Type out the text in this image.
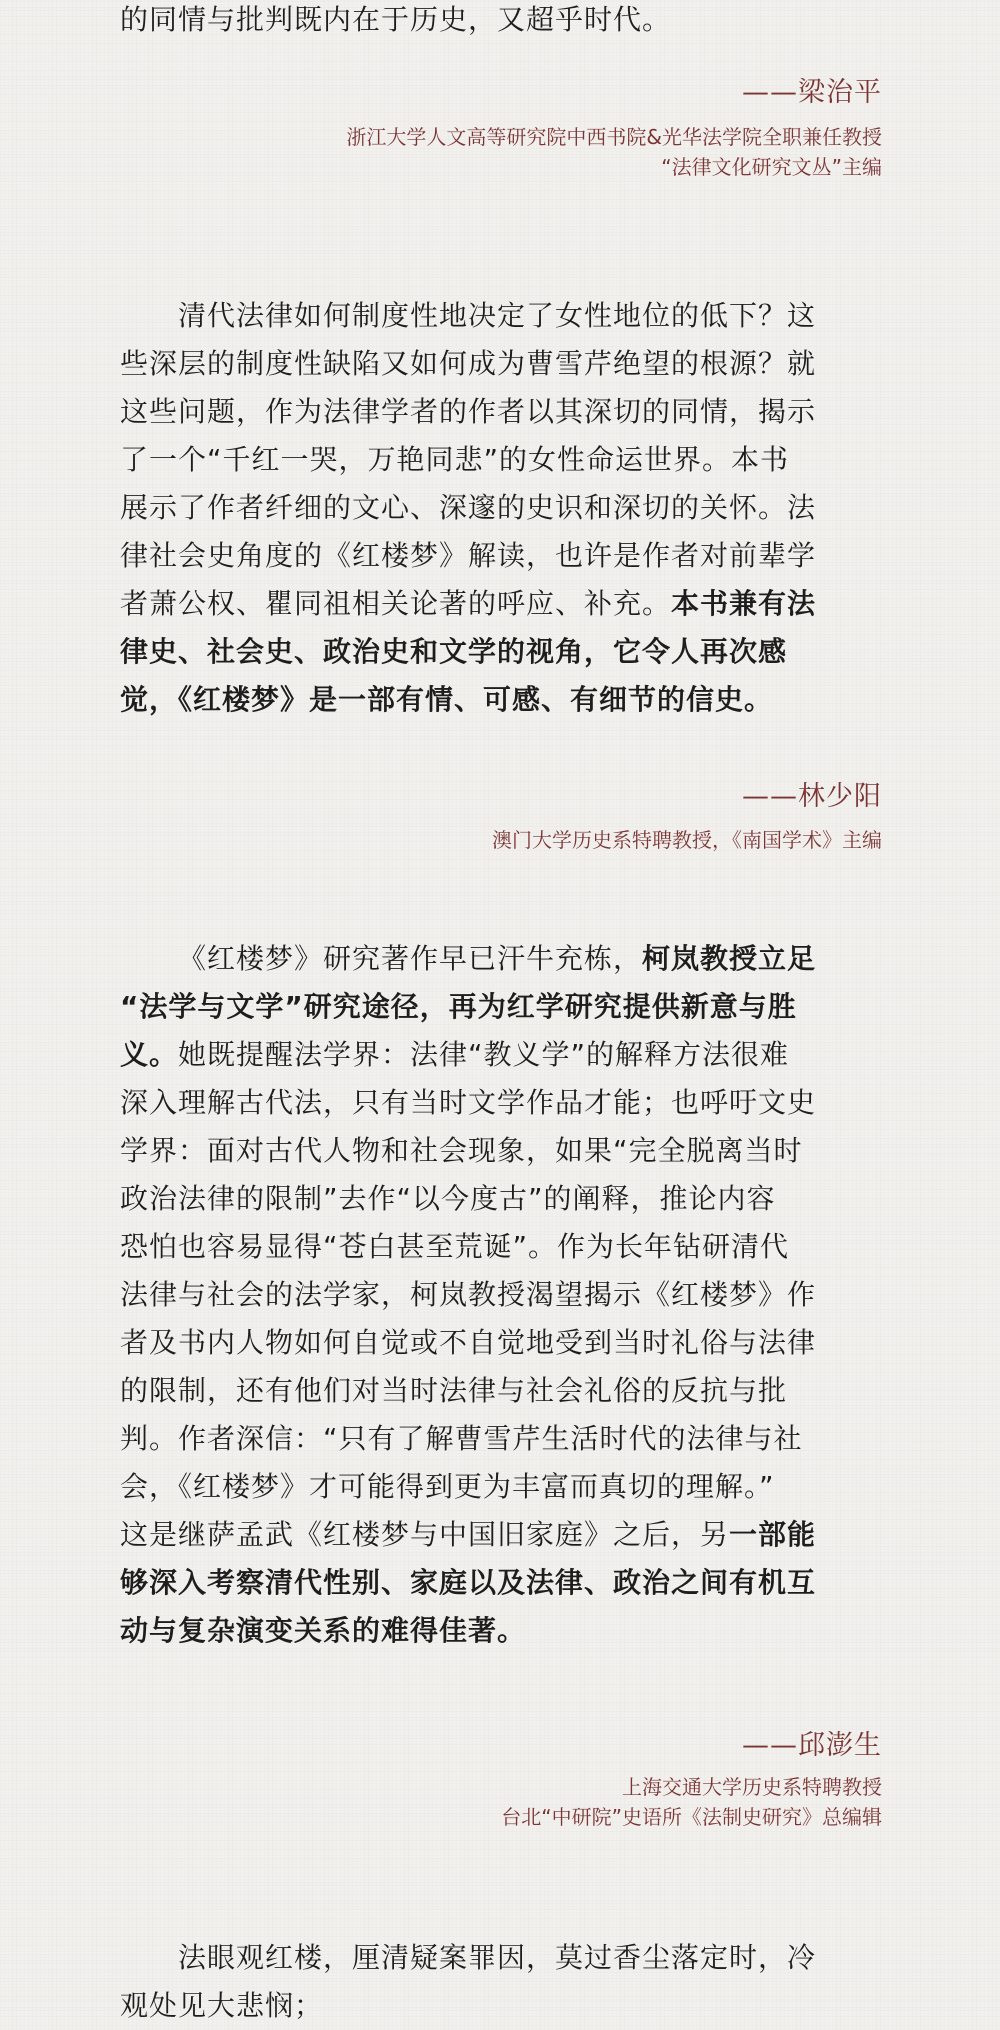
的同情与批判既内在于历史，又超乎时代。

——梁治平

浙江大学人文高等研究院中西书院&光华法学院全职兼任教授
“法律文化研究文丛”主编
清代法律如何制度性地决定了女性地位的低下？这
些深层的制度性缺陷又如何成为曹雪芹绝望的根源？就
这些问题，作为法律学者的作者以其深切的同情，揭示
了一个“千红一哭，万艳同悲”的女性命运世界。本书
展示了作者纤细的文心、深邃的史识和深切的关怀。法
律社会史角度的《红楼梦》解读，也许是作者对前辈学
者萧公权、瞿同祖相关论著的呼应、补充。本书兼有法
律史、社会史、政治史和文学的视角，它令人再次感
觉，《红楼梦》是一部有情、可感、有细节的信史。

——林少阳

澳门大学历史系特聘教授，《南国学术》主编
《红楼梦》研究著作早已汗牛充栋，柯岚教授立足
“法学与文学”研究途径，再为红学研究提供新意与胜
义。她既提醒法学界：法律“教义学”的解释方法很难
深入理解古代法，只有当时文学作品才能；也呼吁文史
学界：面对古代人物和社会现象，如果“完全脱离当时
政治法律的限制”去作“以今度古”的阐释，推论内容
恐怕也容易显得“苍白甚至荒诞”。作为长年钻研清代
法律与社会的法学家，柯岚教授渴望揭示《红楼梦》作
者及书内人物如何自觉或不自觉地受到当时礼俗与法律
的限制，还有他们对当时法律与社会礼俗的反抗与批
判。作者深信：“只有了解曹雪芹生活时代的法律与社
会，《红楼梦》才可能得到更为丰富而真切的理解。”
这是继萨孟武《红楼梦与中国旧家庭》之后，另一部能
够深入考察清代性别、家庭以及法律、政治之间有机互
动与复杂演变关系的难得佳著。

——邱澎生

上海交通大学历史系特聘教授
台北“中研院”史语所《法制史研究》总编辑
法眼观红楼，厘清疑案罪因，莫过香尘落定时，冷
观处见大悲悯；
